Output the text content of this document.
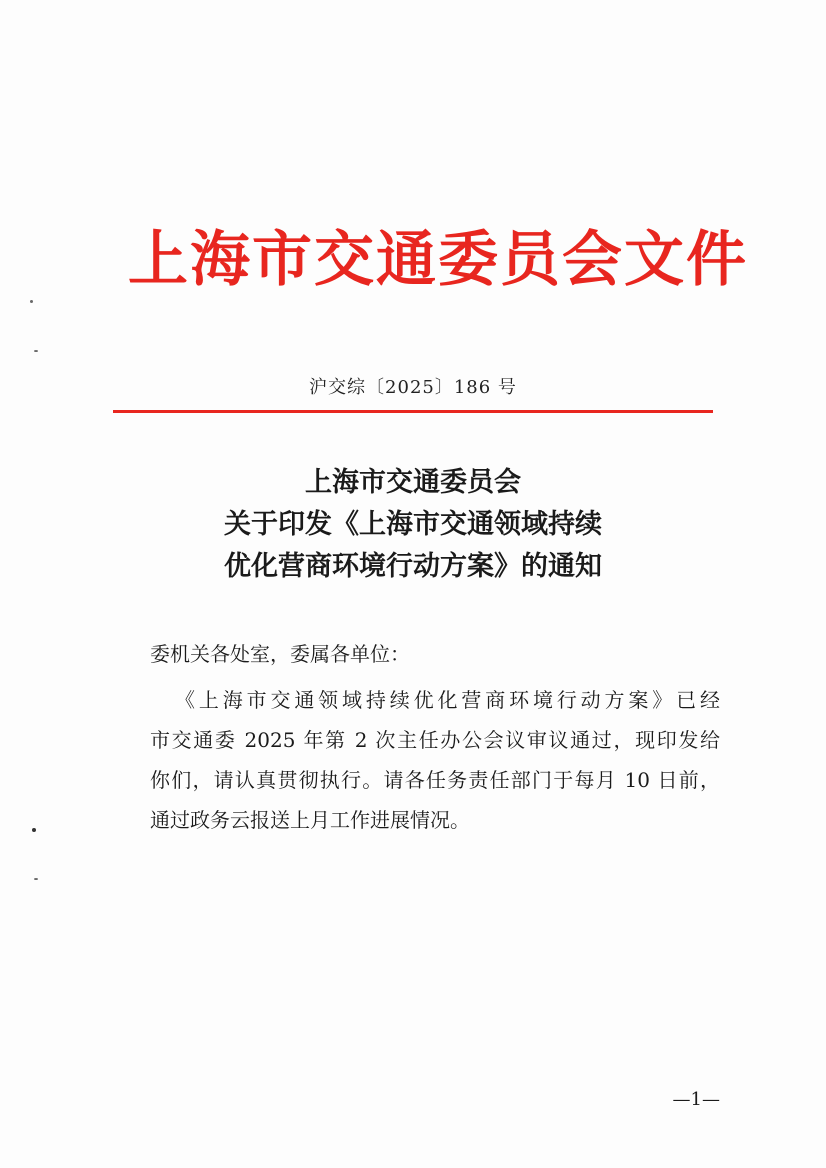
上海市交通委员会文件
沪交综〔2025〕186 号
上海市交通委员会
关于印发《上海市交通领域持续
优化营商环境行动方案》的通知
委机关各处室，委属各单位：
《上海市交通领域持续优化营商环境行动方案》已经
市交通委 2025 年第 2 次主任办公会议审议通过，现印发给
你们，请认真贯彻执行。请各任务责任部门于每月 10 日前，
通过政务云报送上月工作进展情况。
—1—
